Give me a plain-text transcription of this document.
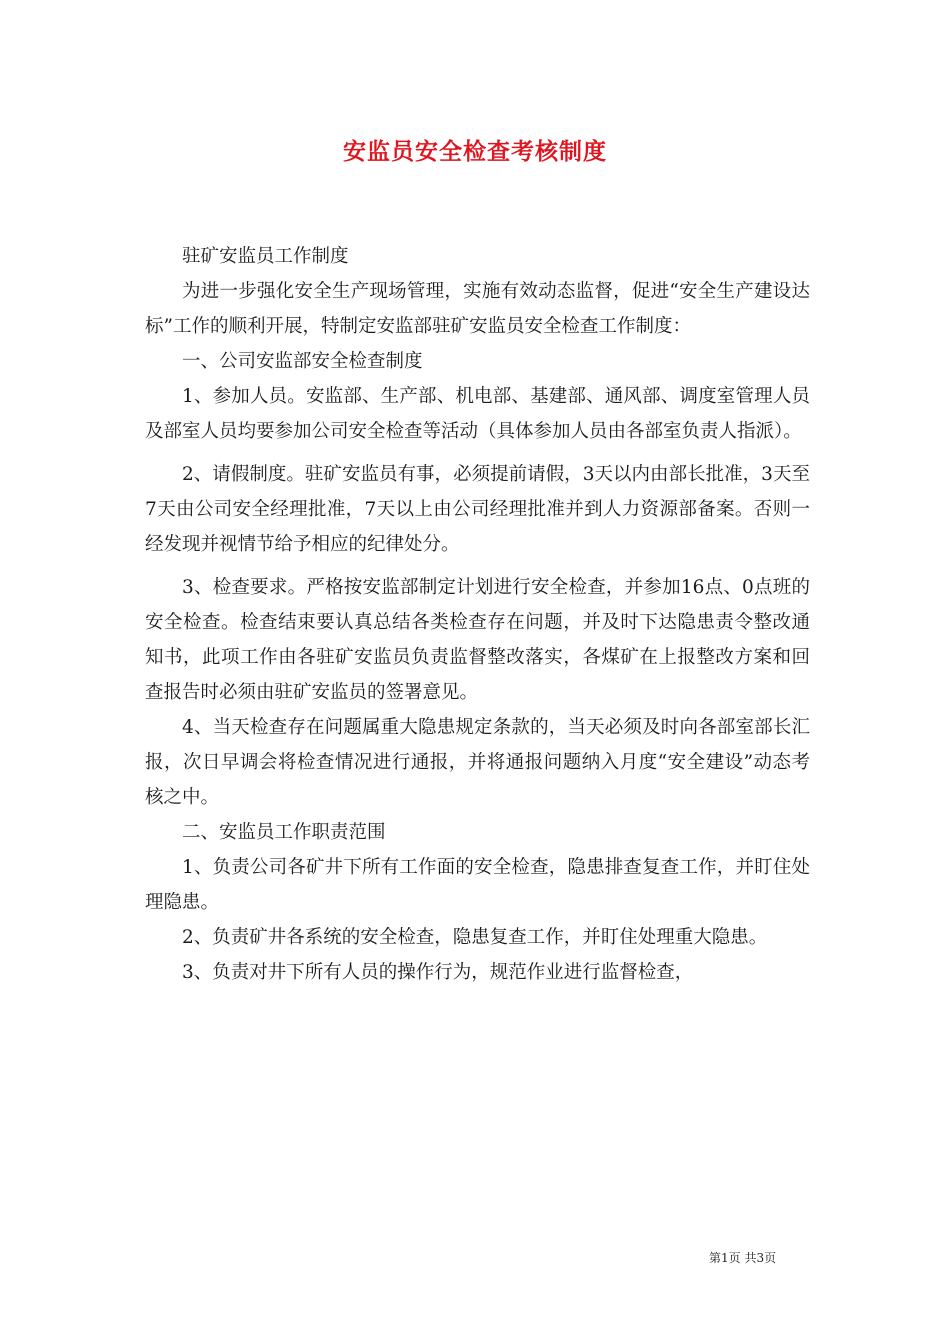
安监员安全检查考核制度

驻矿安监员工作制度

为进一步强化安全生产现场管理，实施有效动态监督，促进“安全生产建设达标”工作的顺利开展，特制定安监部驻矿安监员安全检查工作制度：

一、公司安监部安全检查制度

1、参加人员。安监部、生产部、机电部、基建部、通风部、调度室管理人员及部室人员均要参加公司安全检查等活动（具体参加人员由各部室负责人指派）。

2、请假制度。驻矿安监员有事，必须提前请假，3天以内由部长批准，3天至7天由公司安全经理批准，7天以上由公司经理批准并到人力资源部备案。否则一经发现并视情节给予相应的纪律处分。

3、检查要求。严格按安监部制定计划进行安全检查，并参加16点、0点班的安全检查。检查结束要认真总结各类检查存在问题，并及时下达隐患责令整改通知书，此项工作由各驻矿安监员负责监督整改落实，各煤矿在上报整改方案和回查报告时必须由驻矿安监员的签署意见。

4、当天检查存在问题属重大隐患规定条款的，当天必须及时向各部室部长汇报，次日早调会将检查情况进行通报，并将通报问题纳入月度“安全建设”动态考核之中。

二、安监员工作职责范围

1、负责公司各矿井下所有工作面的安全检查，隐患排查复查工作，并盯住处理隐患。

2、负责矿井各系统的安全检查，隐患复查工作，并盯住处理重大隐患。

3、负责对井下所有人员的操作行为，规范作业进行监督检查，

第1页 共3页
